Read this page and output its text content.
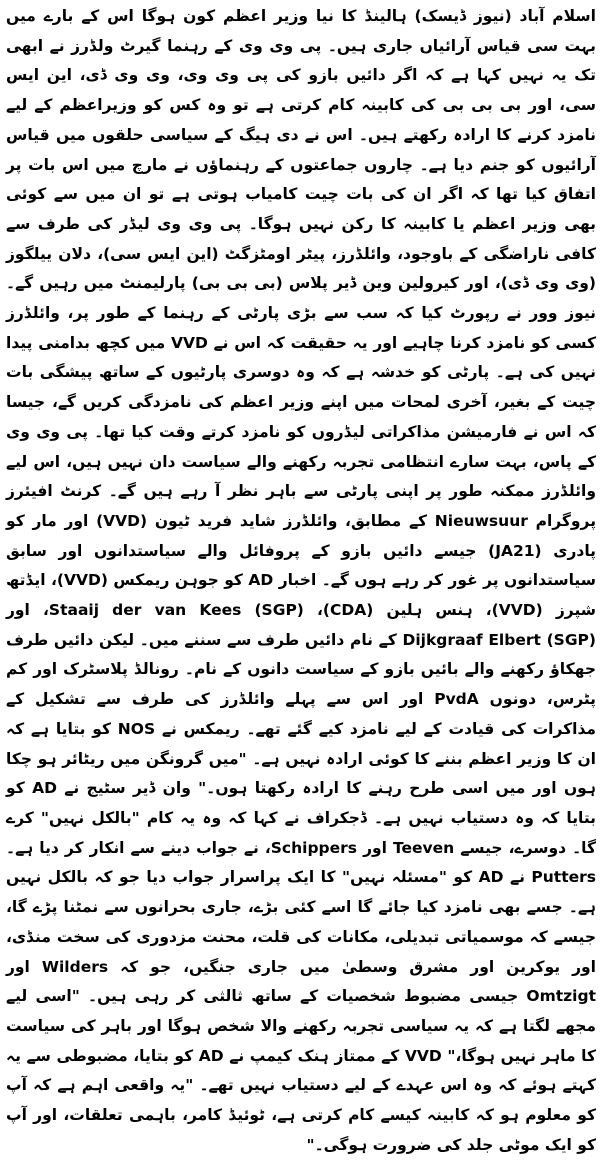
اسلام آباد (نیوز ڈیسک) ہالینڈ کا نیا وزیر اعظم کون ہوگا اس کے بارے میں بہت سی قیاس آرائیاں جاری ہیں۔ پی وی وی کے رہنما گیرٹ ولڈرز نے ابھی تک یہ نہیں کہا ہے کہ اگر دائیں بازو کی پی وی وی، وی وی ڈی، این ایس سی، اور بی بی بی کی کابینہ کام کرتی ہے تو وہ کس کو وزیراعظم کے لیے نامزد کرنے کا ارادہ رکھتے ہیں۔ اس نے دی ہیگ کے سیاسی حلقوں میں قیاس آرائیوں کو جنم دیا ہے۔ چاروں جماعتوں کے رہنماؤں نے مارچ میں اس بات پر اتفاق کیا تھا کہ اگر ان کی بات چیت کامیاب ہوتی ہے تو ان میں سے کوئی بھی وزیر اعظم یا کابینہ کا رکن نہیں ہوگا۔ پی وی وی لیڈر کی طرف سے کافی ناراضگی کے باوجود، وائلڈرز، پیٹر اومٹزگٹ (این ایس سی)، دلان ییلگوز (وی وی ڈی)، اور کیرولین وین ڈیر پلاس (بی بی بی) پارلیمنٹ میں رہیں گے۔ نیوز وور نے رپورٹ کیا کہ سب سے بڑی پارٹی کے رہنما کے طور پر، وائلڈرز کسی کو نامزد کرنا چاہیے اور یہ حقیقت کہ اس نے VVD میں کچھ بدامنی پیدا نہیں کی ہے۔ پارٹی کو خدشہ ہے کہ وہ دوسری پارٹیوں کے ساتھ پیشگی بات چیت کے بغیر، آخری لمحات میں اپنے وزیر اعظم کی نامزدگی کریں گے، جیسا کہ اس نے فارمیشن مذاکراتی لیڈروں کو نامزد کرتے وقت کیا تھا۔ پی وی وی کے پاس، بہت سارے انتظامی تجربہ رکھنے والے سیاست دان نہیں ہیں، اس لیے وائلڈرز ممکنہ طور پر اپنی پارٹی سے باہر نظر آ رہے ہیں گے۔ کرنٹ افیئرز پروگرام Nieuwsuur کے مطابق، وائلڈرز شاید فرید ٹیون (VVD) اور مار کو پادری (JA21) جیسے دائیں بازو کے پروفائل والے سیاستدانوں اور سابق سیاستدانوں پر غور کر رہے ہوں گے۔ اخبار AD کو جوہن ریمکس (VVD)، ایڈتھ شپرز (VVD)، ہنس ہلین (CDA)، Staaij der van Kees (SGP)، اور Dijkgraaf Elbert (SGP) کے نام دائیں طرف سے سننے میں۔ لیکن دائیں طرف جھکاؤ رکھنے والے بائیں بازو کے سیاست دانوں کے نام۔ رونالڈ پلاسٹرک اور کم پٹرس، دونوں PvdA اور اس سے پہلے وائلڈرز کی طرف سے تشکیل کے مذاکرات کی قیادت کے لیے نامزد کیے گئے تھے۔ ریمکس نے NOS کو بتایا ہے کہ ان کا وزیر اعظم بننے کا کوئی ارادہ نہیں ہے۔ "میں گرونگن میں ریٹائر ہو چکا ہوں اور میں اسی طرح رہنے کا ارادہ رکھتا ہوں۔" وان ڈیر سٹیج نے AD کو بتایا کہ وہ دستیاب نہیں ہے۔ ڈجکراف نے کہا کہ وہ یہ کام "بالکل نہیں" کرے گا۔ دوسرے، جیسے Teeven اور Schippers، نے جواب دینے سے انکار کر دیا ہے۔ Putters نے AD کو "مسئلہ نہیں" کا ایک پراسرار جواب دیا جو کہ بالکل نہیں ہے۔ جسے بھی نامزد کیا جائے گا اسے کئی بڑے، جاری بحرانوں سے نمٹنا پڑے گا، جیسے کہ موسمیاتی تبدیلی، مکانات کی قلت، محنت مزدوری کی سخت منڈی، اور یوکرین اور مشرق وسطیٰ میں جاری جنگیں، جو کہ Wilders اور Omtzigt جیسی مضبوط شخصیات کے ساتھ ثالثی کر رہی ہیں۔ "اسی لیے مجھے لگتا ہے کہ یہ سیاسی تجربہ رکھنے والا شخص ہوگا اور باہر کی سیاست کا ماہر نہیں ہوگا،" VVD کے ممتاز ہنک کیمپ نے AD کو بتایا، مضبوطی سے یہ کہتے ہوئے کہ وہ اس عہدے کے لیے دستیاب نہیں تھے۔ "یہ واقعی اہم ہے کہ آپ کو معلوم ہو کہ کابینہ کیسے کام کرتی ہے، ٹوئیڈ کامر، باہمی تعلقات، اور آپ کو ایک موٹی جلد کی ضرورت ہوگی۔"
